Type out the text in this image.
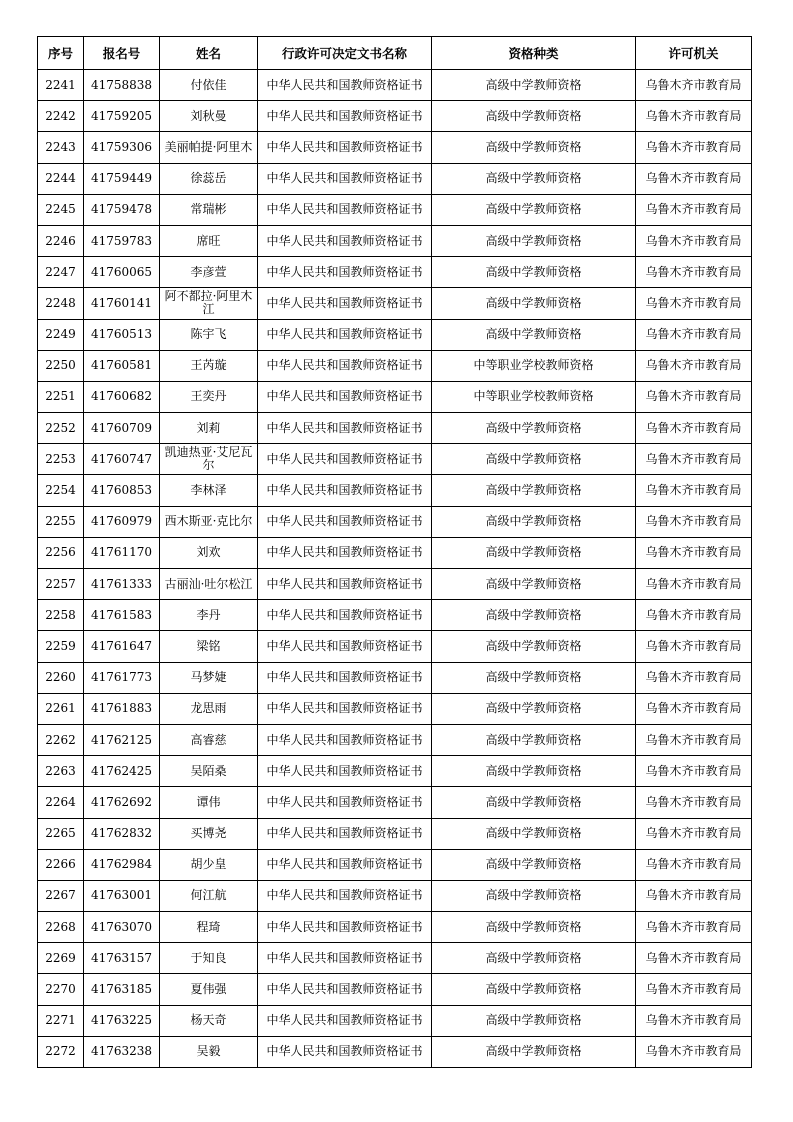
序号	报名号	姓名	行政许可决定文书名称	资格种类	许可机关
2241	41758838	付依佳	中华人民共和国教师资格证书	高级中学教师资格	乌鲁木齐市教育局
2242	41759205	刘秋曼	中华人民共和国教师资格证书	高级中学教师资格	乌鲁木齐市教育局
2243	41759306	美丽帕提·阿里木	中华人民共和国教师资格证书	高级中学教师资格	乌鲁木齐市教育局
2244	41759449	徐蕊岳	中华人民共和国教师资格证书	高级中学教师资格	乌鲁木齐市教育局
2245	41759478	常瑞彬	中华人民共和国教师资格证书	高级中学教师资格	乌鲁木齐市教育局
2246	41759783	席旺	中华人民共和国教师资格证书	高级中学教师资格	乌鲁木齐市教育局
2247	41760065	李彦萱	中华人民共和国教师资格证书	高级中学教师资格	乌鲁木齐市教育局
2248	41760141	阿不都拉·阿里木江	中华人民共和国教师资格证书	高级中学教师资格	乌鲁木齐市教育局
2249	41760513	陈宇飞	中华人民共和国教师资格证书	高级中学教师资格	乌鲁木齐市教育局
2250	41760581	王芮璇	中华人民共和国教师资格证书	中等职业学校教师资格	乌鲁木齐市教育局
2251	41760682	王奕丹	中华人民共和国教师资格证书	中等职业学校教师资格	乌鲁木齐市教育局
2252	41760709	刘莉	中华人民共和国教师资格证书	高级中学教师资格	乌鲁木齐市教育局
2253	41760747	凯迪热亚·艾尼瓦尔	中华人民共和国教师资格证书	高级中学教师资格	乌鲁木齐市教育局
2254	41760853	李林泽	中华人民共和国教师资格证书	高级中学教师资格	乌鲁木齐市教育局
2255	41760979	西木斯亚·克比尔	中华人民共和国教师资格证书	高级中学教师资格	乌鲁木齐市教育局
2256	41761170	刘欢	中华人民共和国教师资格证书	高级中学教师资格	乌鲁木齐市教育局
2257	41761333	古丽汕·吐尔松江	中华人民共和国教师资格证书	高级中学教师资格	乌鲁木齐市教育局
2258	41761583	李丹	中华人民共和国教师资格证书	高级中学教师资格	乌鲁木齐市教育局
2259	41761647	梁铭	中华人民共和国教师资格证书	高级中学教师资格	乌鲁木齐市教育局
2260	41761773	马梦婕	中华人民共和国教师资格证书	高级中学教师资格	乌鲁木齐市教育局
2261	41761883	龙思雨	中华人民共和国教师资格证书	高级中学教师资格	乌鲁木齐市教育局
2262	41762125	高睿慈	中华人民共和国教师资格证书	高级中学教师资格	乌鲁木齐市教育局
2263	41762425	吴陌桑	中华人民共和国教师资格证书	高级中学教师资格	乌鲁木齐市教育局
2264	41762692	谭伟	中华人民共和国教师资格证书	高级中学教师资格	乌鲁木齐市教育局
2265	41762832	买博尧	中华人民共和国教师资格证书	高级中学教师资格	乌鲁木齐市教育局
2266	41762984	胡少皇	中华人民共和国教师资格证书	高级中学教师资格	乌鲁木齐市教育局
2267	41763001	何江航	中华人民共和国教师资格证书	高级中学教师资格	乌鲁木齐市教育局
2268	41763070	程琦	中华人民共和国教师资格证书	高级中学教师资格	乌鲁木齐市教育局
2269	41763157	于知良	中华人民共和国教师资格证书	高级中学教师资格	乌鲁木齐市教育局
2270	41763185	夏伟强	中华人民共和国教师资格证书	高级中学教师资格	乌鲁木齐市教育局
2271	41763225	杨天奇	中华人民共和国教师资格证书	高级中学教师资格	乌鲁木齐市教育局
2272	41763238	吴毅	中华人民共和国教师资格证书	高级中学教师资格	乌鲁木齐市教育局
